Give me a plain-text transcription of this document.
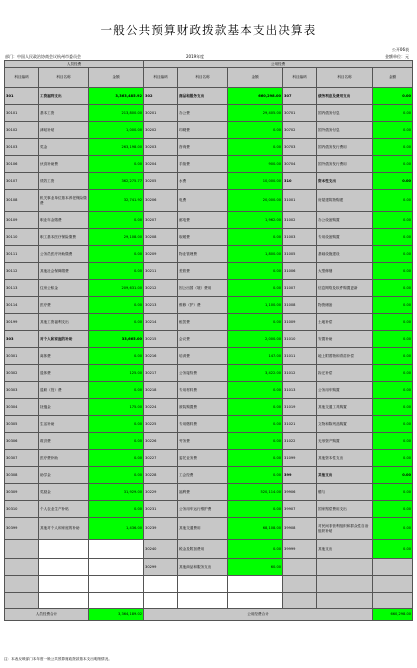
一般公共预算财政拨款基本支出决算表
公开06表
金额单位：元
部门：中国人民政治协商会议杭州市委员会	2019年度
人员经费			公用经费					
科目编码	科目名称	金额	科目编码	科目名称	金额	科目编码	科目名称	金额
301	工资福利支出	3,363,485.92	302	商品和服务支出	660,298.00	307	债务利息及费用支出	0.00
30101	基本工资	213,800.00	30201	办公费	29,405.00	30701	国内债务付息	0.00
30102	津贴补贴	1,000.00	30202	印刷费	0.00	30702	国外债务付息	0.00
30103	奖金	263,198.00	30203	咨询费	0.00	30703	国内债务发行费用	0.00
30106	伙食补助费	0.00	30204	手续费	900.00	30704	国外债务发行费用	0.00
30107	绩效工资	362,275.77	30205	水费	10,000.00	310	资本性支出	0.00
30108	机关事业单位基本养老保险缴费	32,741.92	30206	电费	20,000.00	31001	房屋建筑物购建	0.00
30109	职业年金缴费	0.00	30207	邮电费	1,962.00	31002	办公设备购置	0.00
30110	职工基本医疗保险缴费	29,108.00	30208	取暖费	0.00	31003	专用设备购置	0.00
30111	公务员医疗补助缴费	0.00	30209	物业管理费	1,800.00	31005	基础设施建设	0.00
30112	其他社会保障缴费	0.00	30211	差旅费	0.00	31006	大型修缮	0.00
30113	住房公积金	209,631.00	30212	因公出国（境）费用	0.00	31007	信息网络及软件购置更新	0.00
30114	医疗费	0.00	30213	维修（护）费	1,100.00	31008	物资储备	0.00
30199	其他工资福利支出	0.00	30214	租赁费	0.00	31009	土地补偿	0.00
303	对个人和家庭的补助	33,665.00	30215	会议费	2,000.00	31010	安置补助	0.00
30301	离休费	0.00	30216	培训费	147.00	31011	地上附着物和青苗补偿	0.00
30302	退休费	125.00	30217	公务接待费	3,422.00	31012	拆迁补偿	0.00
30303	退职（役）费	0.00	30218	专用材料费	0.00	31013	公务用车购置	0.00
30304	抚恤金	175.00	30224	被装购置费	0.00	31019	其他交通工具购置	0.00
30305	生活补助	0.00	30225	专用燃料费	0.00	31021	文物和陈列品购置	0.00
30306	救济费	0.00	30226	劳务费	0.00	31022	无形资产购置	0.00
30307	医疗费补助	0.00	30227	委托业务费	0.00	31099	其他资本性支出	0.00
30308	助学金	0.00	30228	工会经费	0.00	399	其他支出	0.00
30309	奖励金	31,929.00	30229	福利费	520,114.00	39906	赠与	0.00
30310	个人农业生产补贴	0.00	30231	公务用车运行维护费	0.00	39907	国家赔偿费用支出	0.00
30399	其他对个人和家庭的补助	1,436.00	30239	其他交通费用	68,108.00	39908	对民间非营利组织和群众性自治组织补贴	0.00
			30240	税金及附加费用	0.00	39999	其他支出	0.00
			30299	其他商品和服务支出	60.00			

人员经费合计		3,364,189.02	公用经费合计					660,298.00
注：本表反映部门本年度一般公共预算财政拨款基本支出明细情况。
